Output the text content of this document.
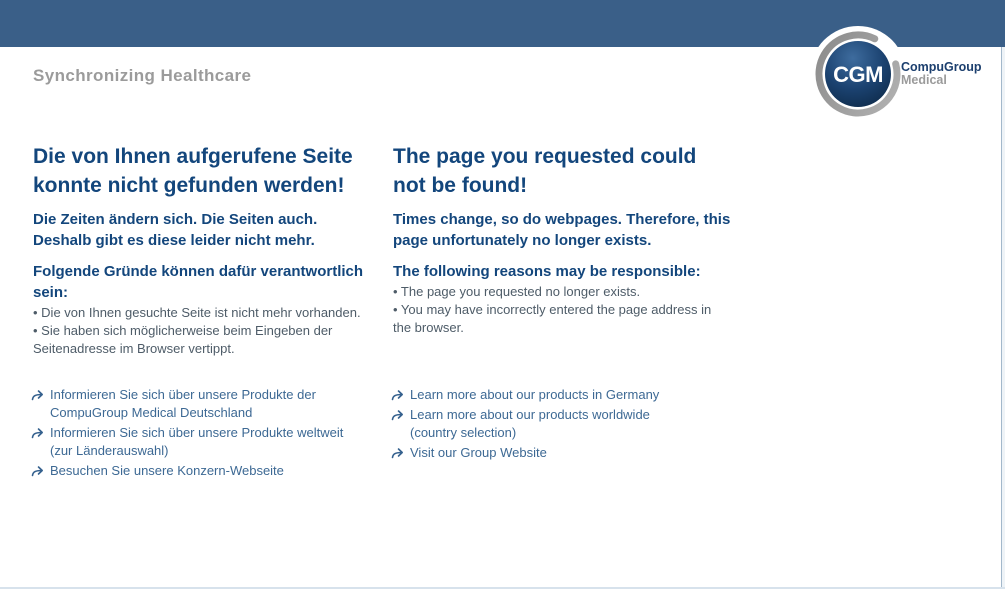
Synchronizing Healthcare	CGM CompuGroup
Medical
Die von Ihnen aufgerufene Seite
konnte nicht gefunden werden!

Die Zeiten ändern sich. Die Seiten auch.
Deshalb gibt es diese leider nicht mehr.

Folgende Gründe können dafür verantwortlich
sein:
• Die von Ihnen gesuchte Seite ist nicht mehr vorhanden.
• Sie haben sich möglicherweise beim Eingeben der
Seitenadresse im Browser vertippt.
The page you requested could
not be found!

Times change, so do webpages. Therefore, this
page unfortunately no longer exists.

The following reasons may be responsible:
• The page you requested no longer exists.
• You may have incorrectly entered the page address in
the browser.
Informieren Sie sich über unsere Produkte der
CompuGroup Medical Deutschland
Informieren Sie sich über unsere Produkte weltweit
(zur Länderauswahl)
Besuchen Sie unsere Konzern-Webseite
Learn more about our products in Germany
Learn more about our products worldwide
(country selection)
Visit our Group Website
